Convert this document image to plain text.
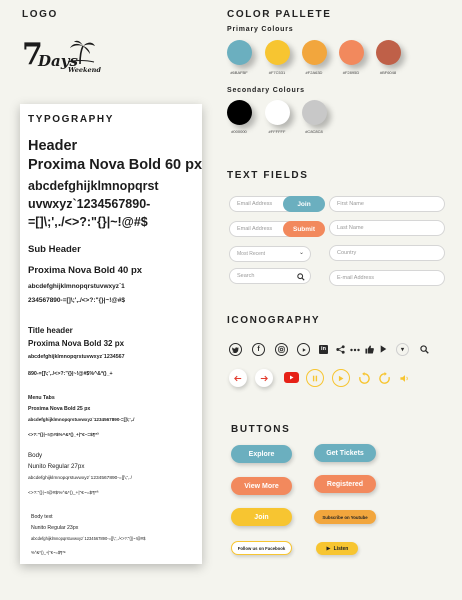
LOGO
7
Days
Weekend
TYPOGRAPHY
Header
Proxima Nova Bold 60 px
abcdefghijklmnopqrst
uvwxyz`1234567890-
=[]\;',./<>?:"{}|~!@#$
Sub Header
Proxima Nova Bold 40 px
abcdefghijklmnopqrstuvwxyz`1
234567890-=[]\;',./<>?:"{}|~!@#$
Title header
Proxima Nova Bold 32 px
abcdefghijklmnopqrstuvwxyz`1234567
890-=[]\;',./<>?:"{}|~!@#$%^&*()_+
Menu Tabs
Proxima Nova Bold 25 px
abcdefghijklmnopqrstuvwxyz`1234567890-=[]\;',./
<>?:"{}|~!@#$%^&*()_+|"€~=$¶*ª
Body
Nunito Regular 27px
abcdefghijklmnopqrstuvwxyz`1234567890-=[]\;',./
<>?:"{}|~!@#$%^&*()_+|"€~=$¶*ª
Body text
Nunito Regular 23px
abcdefghijklmnopqrstuvwxyz`1234567890-=[]\;',./<>?:"{}|~!@#$
%^&*()_+|"€~=$¶*ª
COLOR PALLETE
Primary Colours
#6BAFBF	#F7C531	#F2A63D	#F2895D	#BF6048
Secondary Colours
#000000	#FFFFFF	#C8C8C8
TEXT FIELDS
Email Address	Join
Email Address	Submit
Most Recent	⌄
Search
First Name
Last Name
Country
E-mail Address
ICONOGRAPHY
f	in	▾
BUTTONS
Explore	Get Tickets
View More	Registered
Join	Subscribe on Youtube
Follow us on Facebook	Listen
